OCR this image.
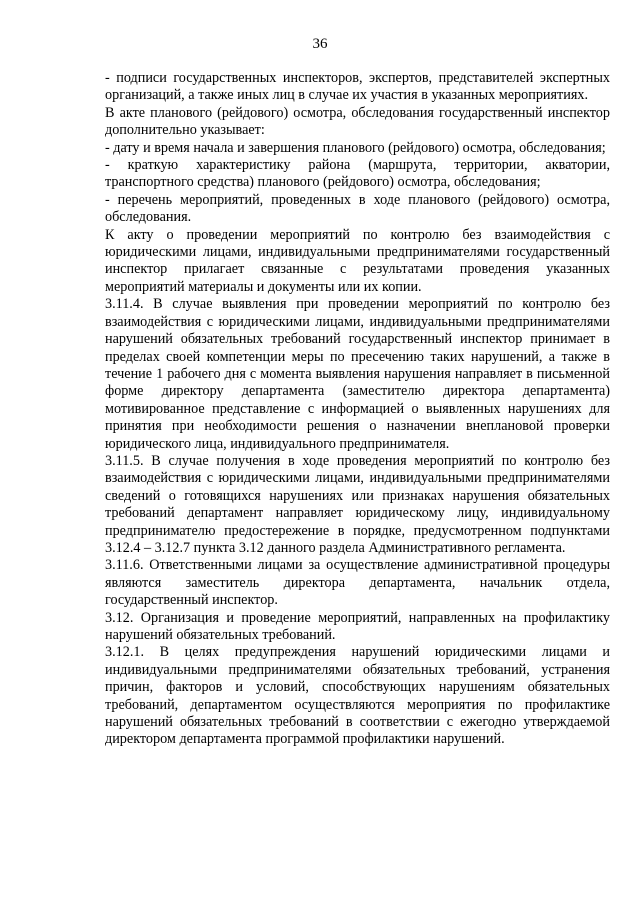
36

- подписи государственных инспекторов, экспертов, представителей экспертных организаций, а также иных лиц в случае их участия в указанных мероприятиях.

В акте планового (рейдового) осмотра, обследования государственный инспектор дополнительно указывает:

- дату и время начала и завершения планового (рейдового) осмотра, обследования;

- краткую характеристику района (маршрута, территории, акватории, транспортного средства) планового (рейдового) осмотра, обследования;

- перечень мероприятий, проведенных в ходе планового (рейдового) осмотра, обследования.

К акту о проведении мероприятий по контролю без взаимодействия с юридическими лицами, индивидуальными предпринимателями государственный инспектор прилагает связанные с результатами проведения указанных мероприятий материалы и документы или их копии.

3.11.4. В случае выявления при проведении мероприятий по контролю без взаимодействия с юридическими лицами, индивидуальными предпринимателями нарушений обязательных требований государственный инспектор принимает в пределах своей компетенции меры по пресечению таких нарушений, а также в течение 1 рабочего дня с момента выявления нарушения направляет в письменной форме директору департамента (заместителю директора департамента) мотивированное представление с информацией о выявленных нарушениях для принятия при необходимости решения о назначении внеплановой проверки юридического лица, индивидуального предпринимателя.

3.11.5. В случае получения в ходе проведения мероприятий по контролю без взаимодействия с юридическими лицами, индивидуальными предпринимателями сведений о готовящихся нарушениях или признаках нарушения обязательных требований департамент направляет юридическому лицу, индивидуальному предпринимателю предостережение в порядке, предусмотренном подпунктами 3.12.4 – 3.12.7 пункта 3.12 данного раздела Административного регламента.

3.11.6. Ответственными лицами за осуществление административной процедуры являются заместитель директора департамента, начальник отдела, государственный инспектор.

3.12. Организация и проведение мероприятий, направленных на профилактику нарушений обязательных требований.

3.12.1. В целях предупреждения нарушений юридическими лицами и индивидуальными предпринимателями обязательных требований, устранения причин, факторов и условий, способствующих нарушениям обязательных требований, департаментом осуществляются мероприятия по профилактике нарушений обязательных требований в соответствии с ежегодно утверждаемой директором департамента программой профилактики нарушений.
